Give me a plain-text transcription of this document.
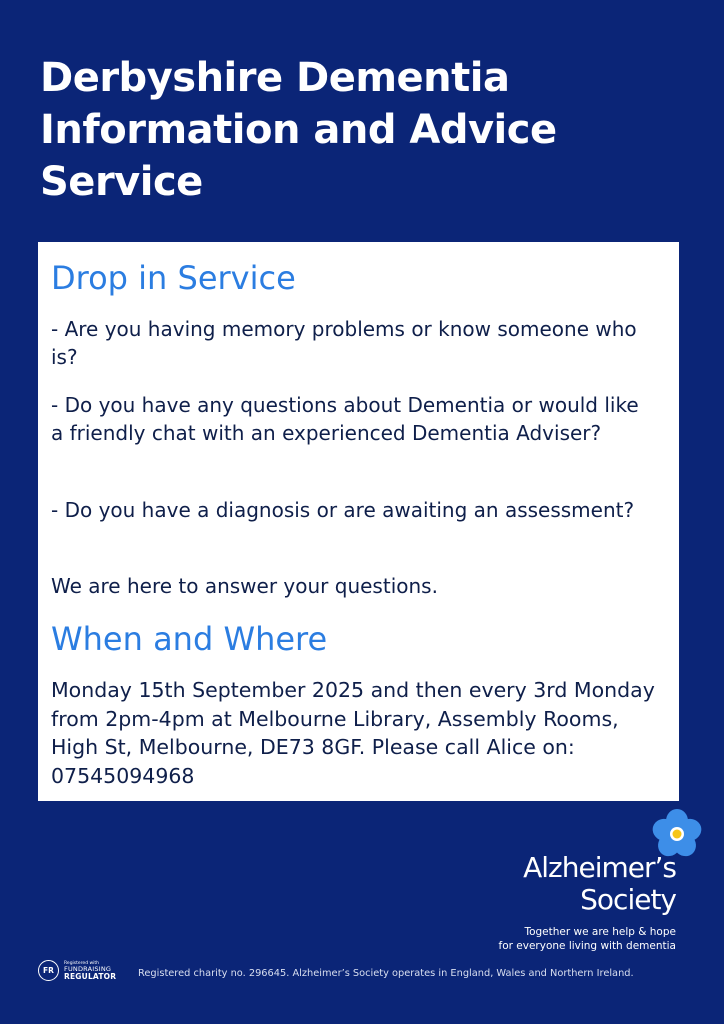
Derbyshire Dementia Information and Advice Service
Drop in Service

- Are you having memory problems or know someone who is?

- Do you have any questions about Dementia or would like a friendly chat with an experienced Dementia Adviser?

- Do you have a diagnosis or are awaiting an assessment?

We are here to answer your questions.

When and Where

Monday 15th September 2025 and then every 3rd Monday from 2pm-4pm at Melbourne Library, Assembly Rooms, High St, Melbourne, DE73 8GF. Please call Alice on: 07545094968

Alzheimer’s
Society
Together we are help & hope
for everyone living with dementia
FR
Registered with
FUNDRAISING
REGULATOR Registered charity no. 296645. Alzheimer’s Society operates in England, Wales and Northern Ireland.
